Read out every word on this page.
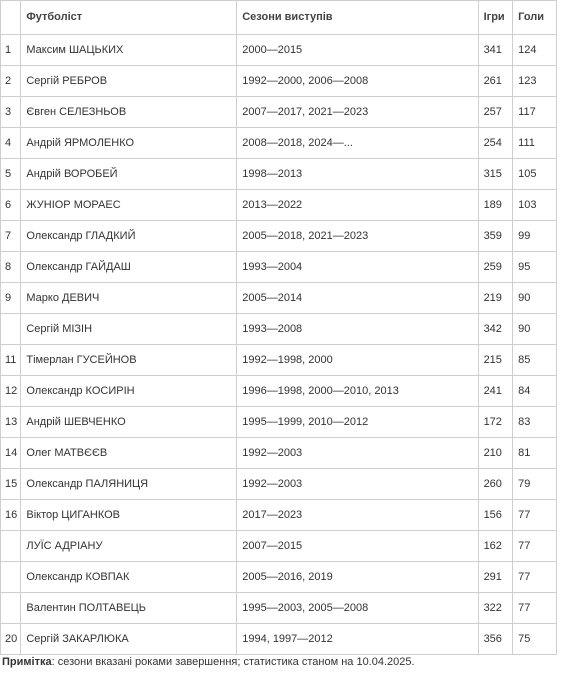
	Футболіст	Сезони виступів	Ігри	Голи
1	Максим ШАЦЬКИХ	2000—2015	341	124
2	Сергій РЕБРОВ	1992—2000, 2006—2008	261	123
3	Євген СЕЛЕЗНЬОВ	2007—2017, 2021—2023	257	117
4	Андрій ЯРМОЛЕНКО	2008—2018, 2024—...	254	111
5	Андрій ВОРОБЕЙ	1998—2013	315	105
6	ЖУНІОР МОРАЕС	2013—2022	189	103
7	Олександр ГЛАДКИЙ	2005—2018, 2021—2023	359	99
8	Олександр ГАЙДАШ	1993—2004	259	95
9	Марко ДЕВИЧ	2005—2014	219	90
	Сергій МІЗІН	1993—2008	342	90
11	Тімерлан ГУСЕЙНОВ	1992—1998, 2000	215	85
12	Олександр КОСИРІН	1996—1998, 2000—2010, 2013	241	84
13	Андрій ШЕВЧЕНКО	1995—1999, 2010—2012	172	83
14	Олег МАТВЄЄВ	1992—2003	210	81
15	Олександр ПАЛЯНИЦЯ	1992—2003	260	79
16	Віктор ЦИГАНКОВ	2017—2023	156	77
	ЛУЇС АДРІАНУ	2007—2015	162	77
	Олександр КОВПАК	2005—2016, 2019	291	77
	Валентин ПОЛТАВЕЦЬ	1995—2003, 2005—2008	322	77
20	Сергій ЗАКАРЛЮКА	1994, 1997—2012	356	75
Примітка: сезони вказані роками завершення; статистика станом на 10.04.2025.
